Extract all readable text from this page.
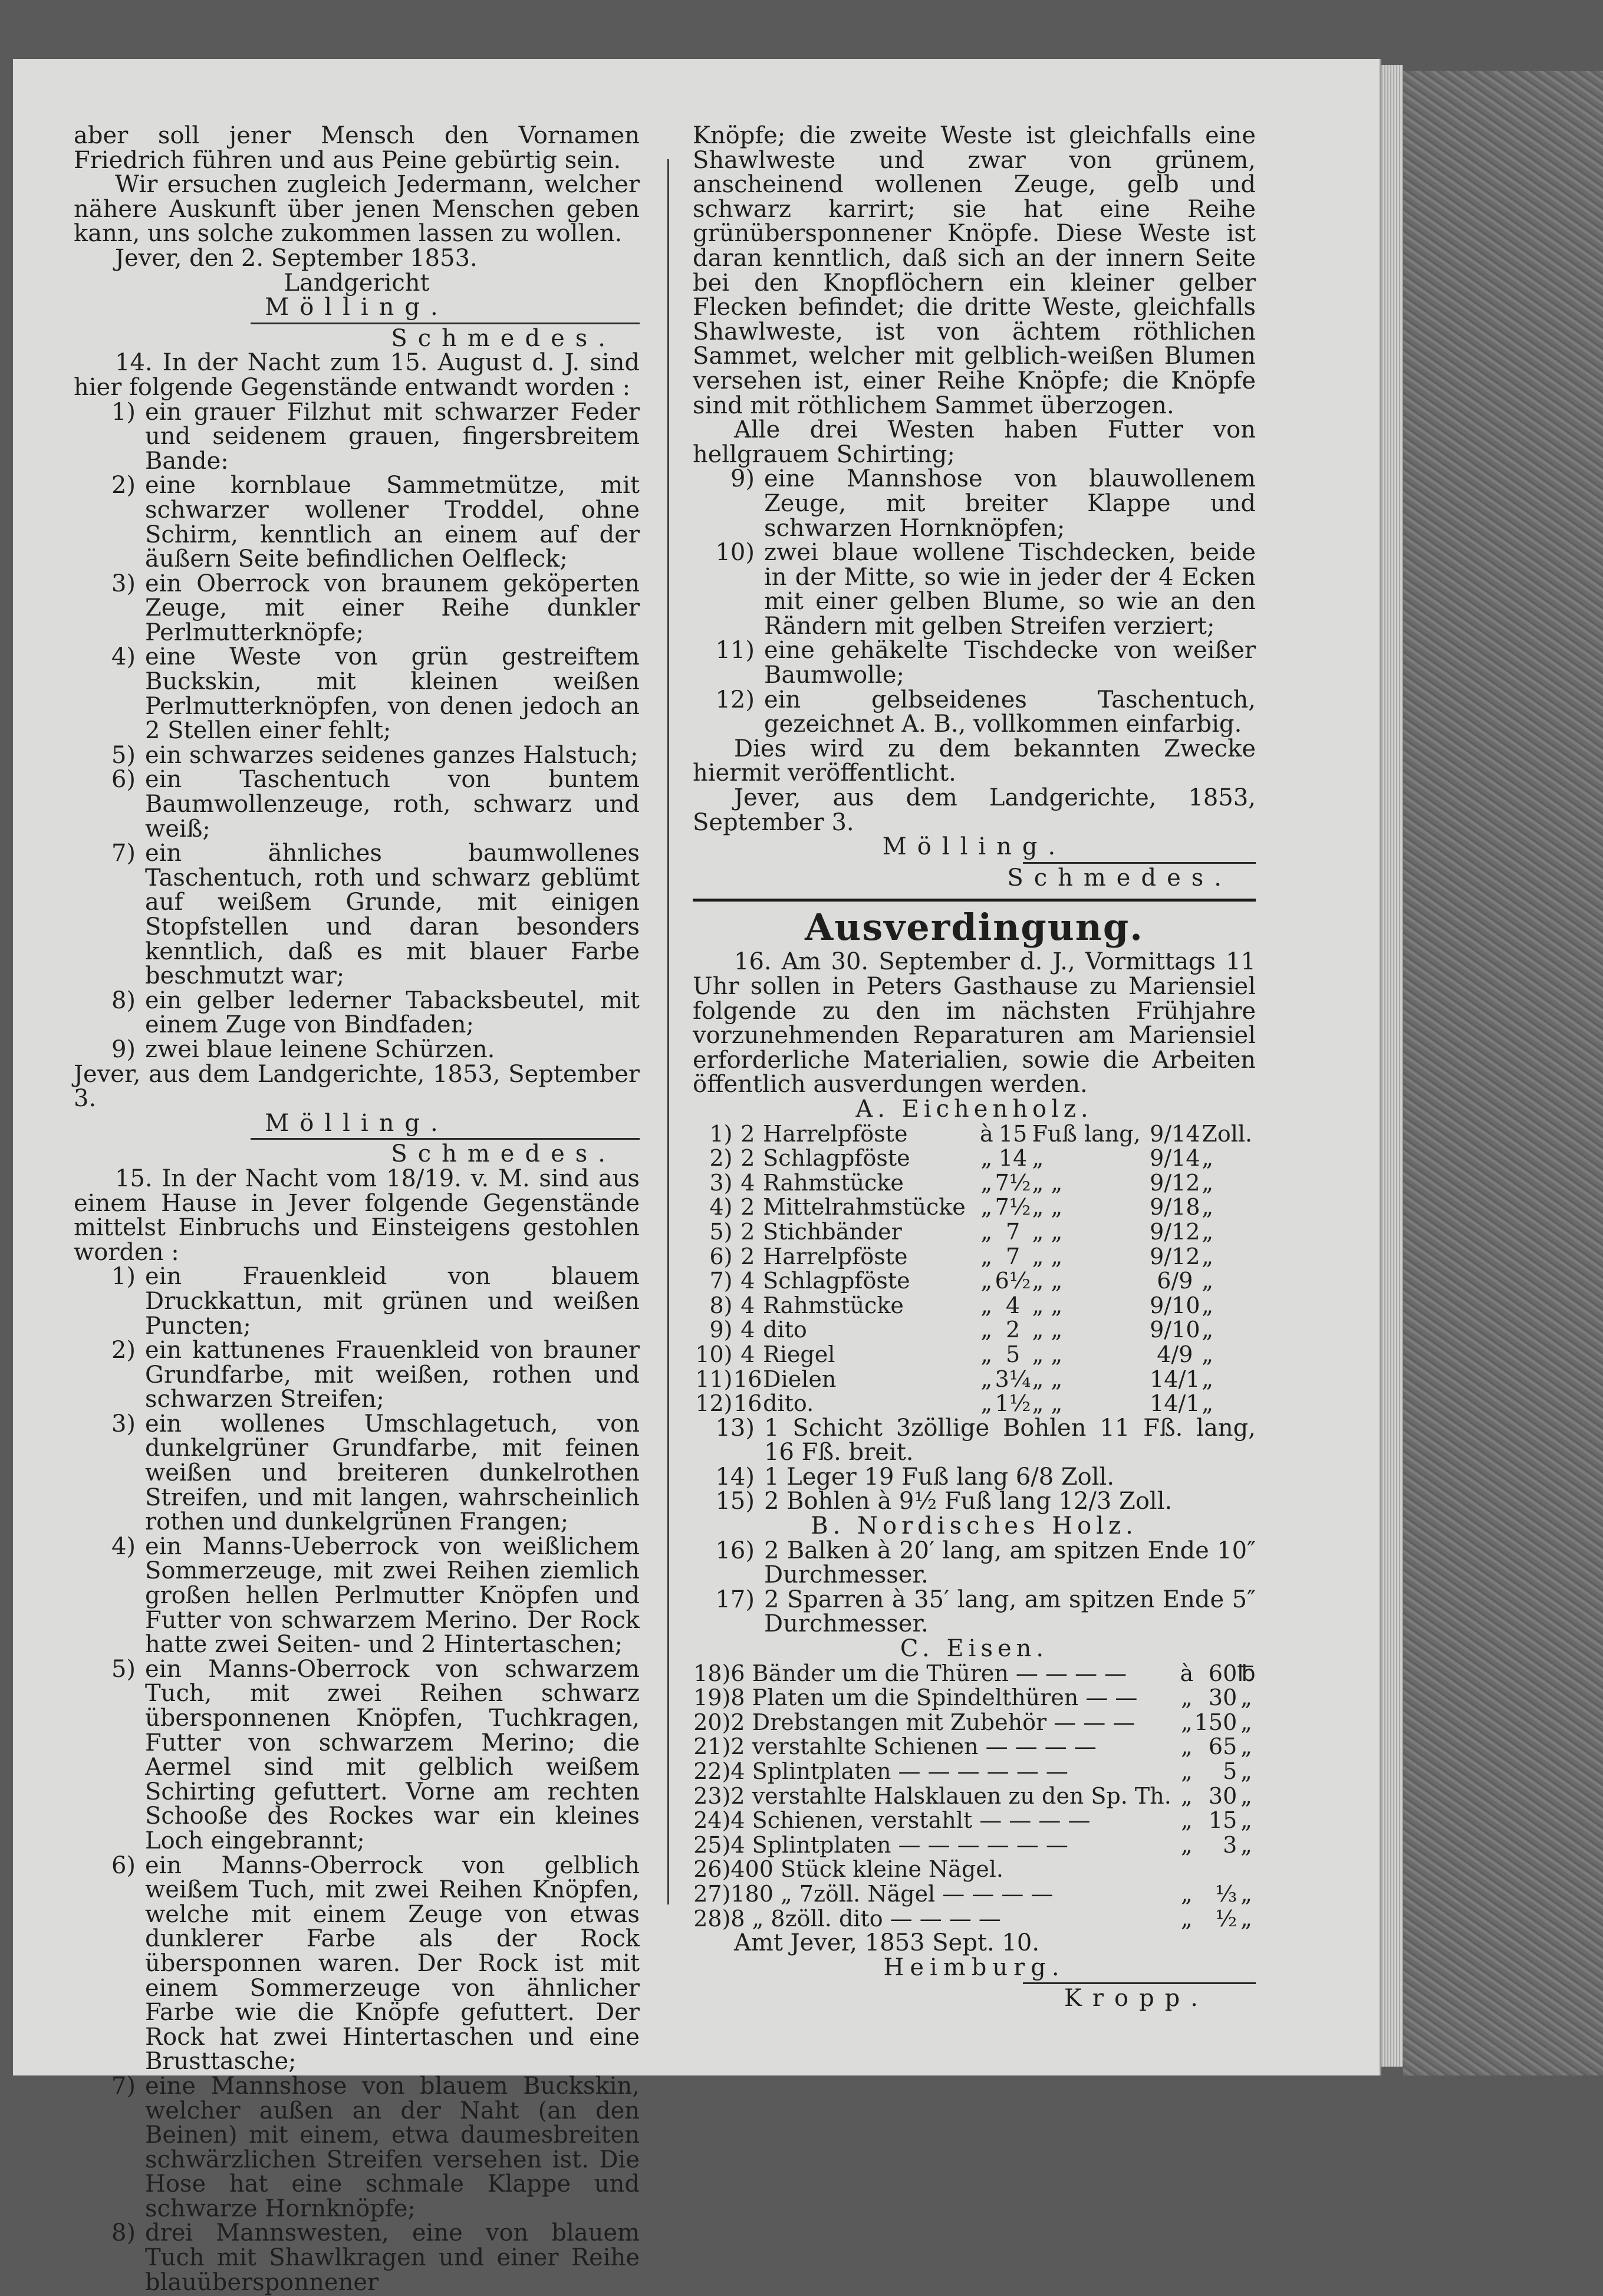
aber soll jener Mensch den Vornamen Friedrich führen und aus Peine gebürtig sein.

Wir ersuchen zugleich Jedermann, welcher nähere Auskunft über jenen Menschen geben kann, uns solche zukommen lassen zu wollen.

Jever, den 2. September 1853.

Landgericht

Mölling.

Schmedes.

14. In der Nacht zum 15. August d. J. sind hier folgende Gegenstände entwandt worden :

1) ein grauer Filzhut mit schwarzer Feder und seidenem grauen, fingersbreitem Bande:
2) eine kornblaue Sammetmütze, mit schwarzer wollener Troddel, ohne Schirm, kenntlich an einem auf der äußern Seite befindlichen Oelfleck;
3) ein Oberrock von braunem geköperten Zeuge, mit einer Reihe dunkler Perlmutterknöpfe;
4) eine Weste von grün gestreiftem Buckskin, mit kleinen weißen Perlmutterknöpfen, von denen jedoch an 2 Stellen einer fehlt;
5) ein schwarzes seidenes ganzes Halstuch;
6) ein Taschentuch von buntem Baumwollenzeuge, roth, schwarz und weiß;
7) ein ähnliches baumwollenes Taschentuch, roth und schwarz geblümt auf weißem Grunde, mit einigen Stopfstellen und daran besonders kenntlich, daß es mit blauer Farbe beschmutzt war;
8) ein gelber lederner Tabacksbeutel, mit einem Zuge von Bindfaden;
9) zwei blaue leinene Schürzen.

Jever, aus dem Landgerichte, 1853, September 3.

Mölling.

Schmedes.

15. In der Nacht vom 18/19. v. M. sind aus einem Hause in Jever folgende Gegenstände mittelst Einbruchs und Einsteigens gestohlen worden :

1) ein Frauenkleid von blauem Druckkattun, mit grünen und weißen Puncten;
2) ein kattunenes Frauenkleid von brauner Grundfarbe, mit weißen, rothen und schwarzen Streifen;
3) ein wollenes Umschlagetuch, von dunkelgrüner Grundfarbe, mit feinen weißen und breiteren dunkelrothen Streifen, und mit langen, wahrscheinlich rothen und dunkelgrünen Frangen;
4) ein Manns-Ueberrock von weißlichem Sommerzeuge, mit zwei Reihen ziemlich großen hellen Perlmutter Knöpfen und Futter von schwarzem Merino. Der Rock hatte zwei Seiten- und 2 Hintertaschen;
5) ein Manns-Oberrock von schwarzem Tuch, mit zwei Reihen schwarz übersponnenen Knöpfen, Tuchkragen, Futter von schwarzem Merino; die Aermel sind mit gelblich weißem Schirting gefuttert. Vorne am rechten Schooße des Rockes war ein kleines Loch eingebrannt;
6) ein Manns-Oberrock von gelblich weißem Tuch, mit zwei Reihen Knöpfen, welche mit einem Zeuge von etwas dunklerer Farbe als der Rock übersponnen waren. Der Rock ist mit einem Sommerzeuge von ähnlicher Farbe wie die Knöpfe gefuttert. Der Rock hat zwei Hintertaschen und eine Brusttasche;
7) eine Mannshose von blauem Buckskin, welcher außen an der Naht (an den Beinen) mit einem, etwa daumesbreiten schwärzlichen Streifen versehen ist. Die Hose hat eine schmale Klappe und schwarze Hornknöpfe;
8) drei Mannswesten, eine von blauem Tuch mit Shawlkragen und einer Reihe blauübersponnener

Knöpfe; die zweite Weste ist gleichfalls eine Shawlweste und zwar von grünem, anscheinend wollenen Zeuge, gelb und schwarz karrirt; sie hat eine Reihe grünübersponnener Knöpfe. Diese Weste ist daran kenntlich, daß sich an der innern Seite bei den Knopflöchern ein kleiner gelber Flecken befindet; die dritte Weste, gleichfalls Shawlweste, ist von ächtem röthlichen Sammet, welcher mit gelblich-weißen Blumen versehen ist, einer Reihe Knöpfe; die Knöpfe sind mit röthlichem Sammet überzogen.

Alle drei Westen haben Futter von hellgrauem Schirting;

9) eine Mannshose von blauwollenem Zeuge, mit breiter Klappe und schwarzen Hornknöpfen;
10) zwei blaue wollene Tischdecken, beide in der Mitte, so wie in jeder der 4 Ecken mit einer gelben Blume, so wie an den Rändern mit gelben Streifen verziert;
11) eine gehäkelte Tischdecke von weißer Baumwolle;
12) ein gelbseidenes Taschentuch, gezeichnet A. B., vollkommen einfarbig.

Dies wird zu dem bekannten Zwecke hiermit veröffentlicht.

Jever, aus dem Landgerichte, 1853, September 3.

Mölling.

Schmedes.

Ausverdingung.

16. Am 30. September d. J., Vormittags 11 Uhr sollen in Peters Gasthause zu Mariensiel folgende zu den im nächsten Frühjahre vorzunehmenden Reparaturen am Mariensiel erforderliche Materialien, sowie die Arbeiten öffentlich ausverdungen werden.

A. Eichenholz.

1)	2	Harrelpföste	à	15	Fuß lang,	9/14	Zoll.
2)	2	Schlagpföste	„	14	„	9/14	„
3)	4	Rahmstücke	„	7½	„ „	9/12	„
4)	2	Mittelrahmstücke	„	7½	„ „	9/18	„
5)	2	Stichbänder	„	7	„ „	9/12	„
6)	2	Harrelpföste	„	7	„ „	9/12	„
7)	4	Schlagpföste	„	6½	„ „	6/9	„
8)	4	Rahmstücke	„	4	„ „	9/10	„
9)	4	dito	„	2	„ „	9/10	„
10)	4	Riegel	„	5	„ „	4/9	„
11)	16	Dielen	„	3¼	„ „	14/1	„
12)	16	dito.	„	1½	„ „	14/1	„
13) 1 Schicht 3zöllige Bohlen 11 Fß. lang, 16 Fß. breit.
14) 1 Leger 19 Fuß lang 6/8 Zoll.
15) 2 Bohlen à 9½ Fuß lang 12/3 Zoll.

B. Nordisches Holz.

16) 2 Balken à 20′ lang, am spitzen Ende 10″ Durchmesser.
17) 2 Sparren à 35′ lang, am spitzen Ende 5″ Durchmesser.

C. Eisen.

18)	6 Bänder um die Thüren — — — —	à	60	℔
19)	8 Platen um die Spindelthüren — —	„	30	„
20)	2 Drebstangen mit Zubehör — — —	„	150	„
21)	2 verstahlte Schienen — — — —	„	65	„
22)	4 Splintplaten — — — — — —	„	5	„
23)	2 verstahlte Halsklauen zu den Sp. Th.	„	30	„
24)	4 Schienen, verstahlt — — — —	„	15	„
25)	4 Splintplaten — — — — — —	„	3	„
26)	400 Stück kleine Nägel.			
27)	180 „ 7zöll. Nägel — — — —	„	⅓	„
28)	8 „ 8zöll. dito — — — —	„	½	„

Amt Jever, 1853 Sept. 10.

Heimburg.

Kropp.
